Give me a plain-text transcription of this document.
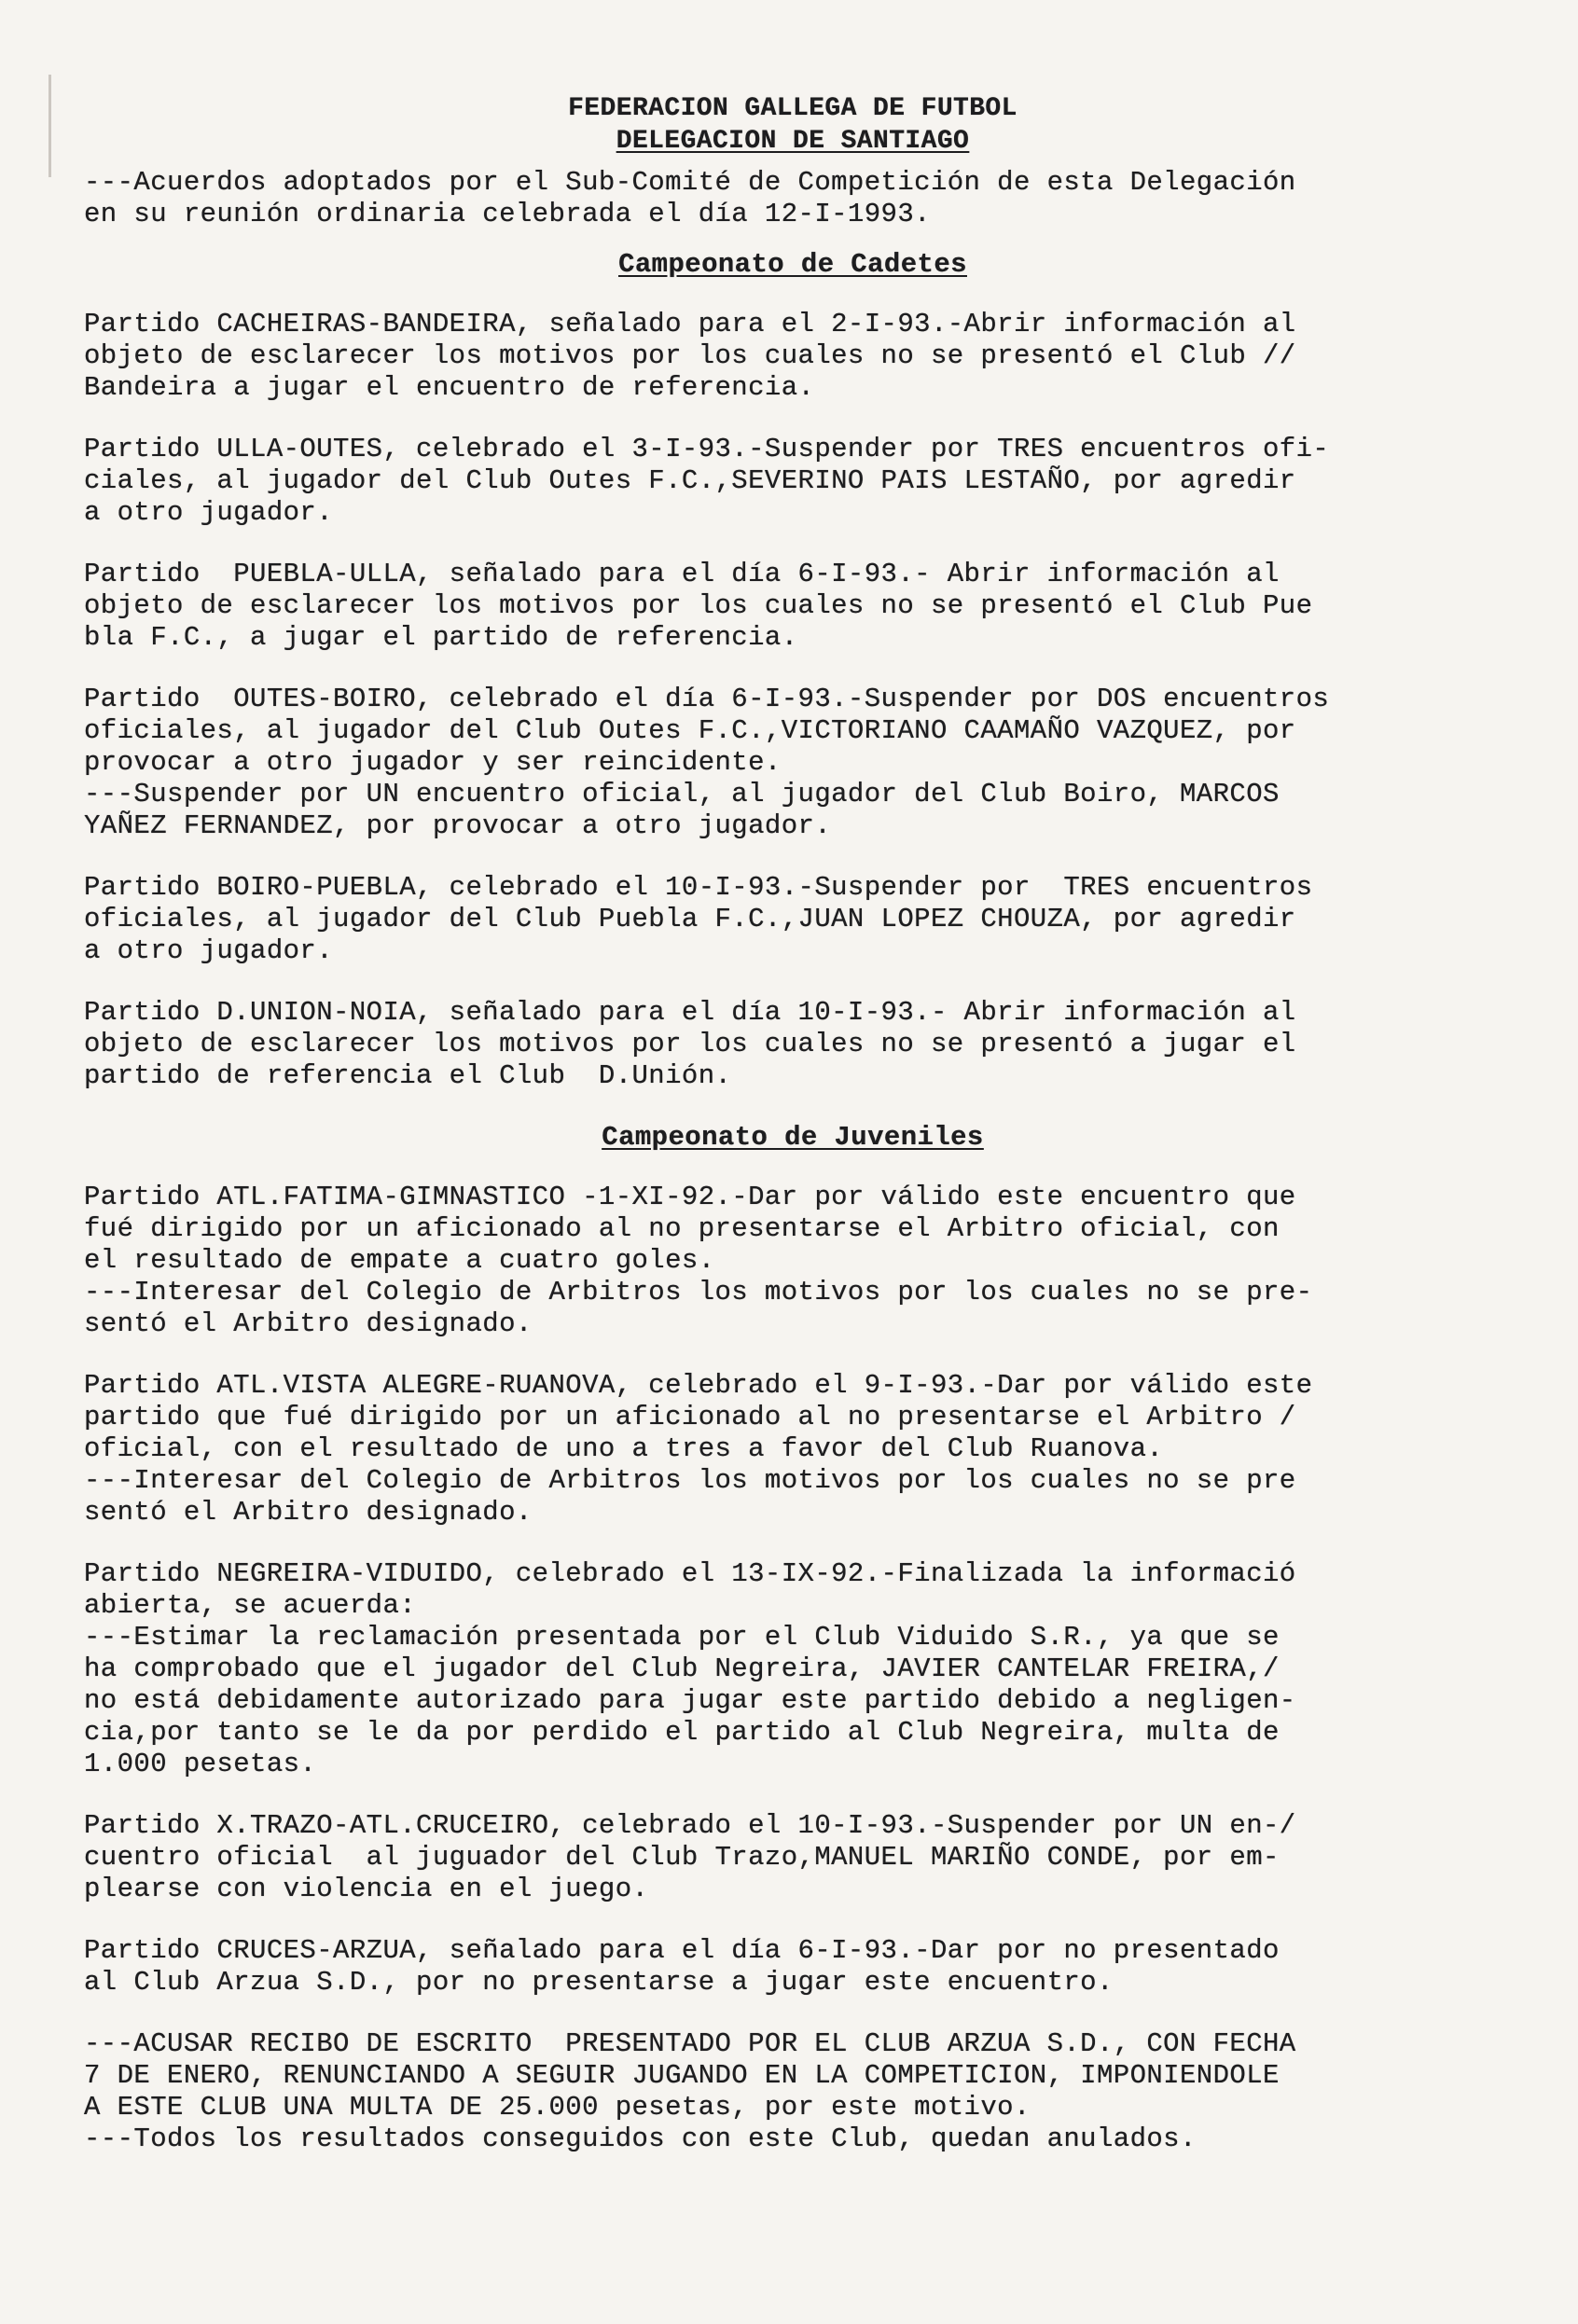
FEDERACION GALLEGA DE FUTBOL
DELEGACION DE SANTIAGO
---Acuerdos adoptados por el Sub-Comité de Competición de esta Delegación
en su reunión ordinaria celebrada el día 12-I-1993.
Campeonato de Cadetes
Partido CACHEIRAS-BANDEIRA, señalado para el 2-I-93.-Abrir información al
objeto de esclarecer los motivos por los cuales no se presentó el Club //
Bandeira a jugar el encuentro de referencia.
Partido ULLA-OUTES, celebrado el 3-I-93.-Suspender por TRES encuentros ofi-
ciales, al jugador del Club Outes F.C.,SEVERINO PAIS LESTAÑO, por agredir
a otro jugador.
Partido  PUEBLA-ULLA, señalado para el día 6-I-93.- Abrir información al
objeto de esclarecer los motivos por los cuales no se presentó el Club Pue
bla F.C., a jugar el partido de referencia.
Partido  OUTES-BOIRO, celebrado el día 6-I-93.-Suspender por DOS encuentros
oficiales, al jugador del Club Outes F.C.,VICTORIANO CAAMAÑO VAZQUEZ, por
provocar a otro jugador y ser reincidente.
---Suspender por UN encuentro oficial, al jugador del Club Boiro, MARCOS
YAÑEZ FERNANDEZ, por provocar a otro jugador.
Partido BOIRO-PUEBLA, celebrado el 10-I-93.-Suspender por  TRES encuentros
oficiales, al jugador del Club Puebla F.C.,JUAN LOPEZ CHOUZA, por agredir
a otro jugador.
Partido D.UNION-NOIA, señalado para el día 10-I-93.- Abrir información al
objeto de esclarecer los motivos por los cuales no se presentó a jugar el
partido de referencia el Club  D.Unión.
Campeonato de Juveniles
Partido ATL.FATIMA-GIMNASTICO -1-XI-92.-Dar por válido este encuentro que
fué dirigido por un aficionado al no presentarse el Arbitro oficial, con
el resultado de empate a cuatro goles.
---Interesar del Colegio de Arbitros los motivos por los cuales no se pre-
sentó el Arbitro designado.
Partido ATL.VISTA ALEGRE-RUANOVA, celebrado el 9-I-93.-Dar por válido este
partido que fué dirigido por un aficionado al no presentarse el Arbitro /
oficial, con el resultado de uno a tres a favor del Club Ruanova.
---Interesar del Colegio de Arbitros los motivos por los cuales no se pre
sentó el Arbitro designado.
Partido NEGREIRA-VIDUIDO, celebrado el 13-IX-92.-Finalizada la informació
abierta, se acuerda:
---Estimar la reclamación presentada por el Club Viduido S.R., ya que se
ha comprobado que el jugador del Club Negreira, JAVIER CANTELAR FREIRA,/
no está debidamente autorizado para jugar este partido debido a negligen-
cia,por tanto se le da por perdido el partido al Club Negreira, multa de
1.000 pesetas.
Partido X.TRAZO-ATL.CRUCEIRO, celebrado el 10-I-93.-Suspender por UN en-/
cuentro oficial  al juguador del Club Trazo,MANUEL MARIÑO CONDE, por em-
plearse con violencia en el juego.
Partido CRUCES-ARZUA, señalado para el día 6-I-93.-Dar por no presentado
al Club Arzua S.D., por no presentarse a jugar este encuentro.
---ACUSAR RECIBO DE ESCRITO  PRESENTADO POR EL CLUB ARZUA S.D., CON FECHA
7 DE ENERO, RENUNCIANDO A SEGUIR JUGANDO EN LA COMPETICION, IMPONIENDOLE
A ESTE CLUB UNA MULTA DE 25.000 pesetas, por este motivo.
---Todos los resultados conseguidos con este Club, quedan anulados.
